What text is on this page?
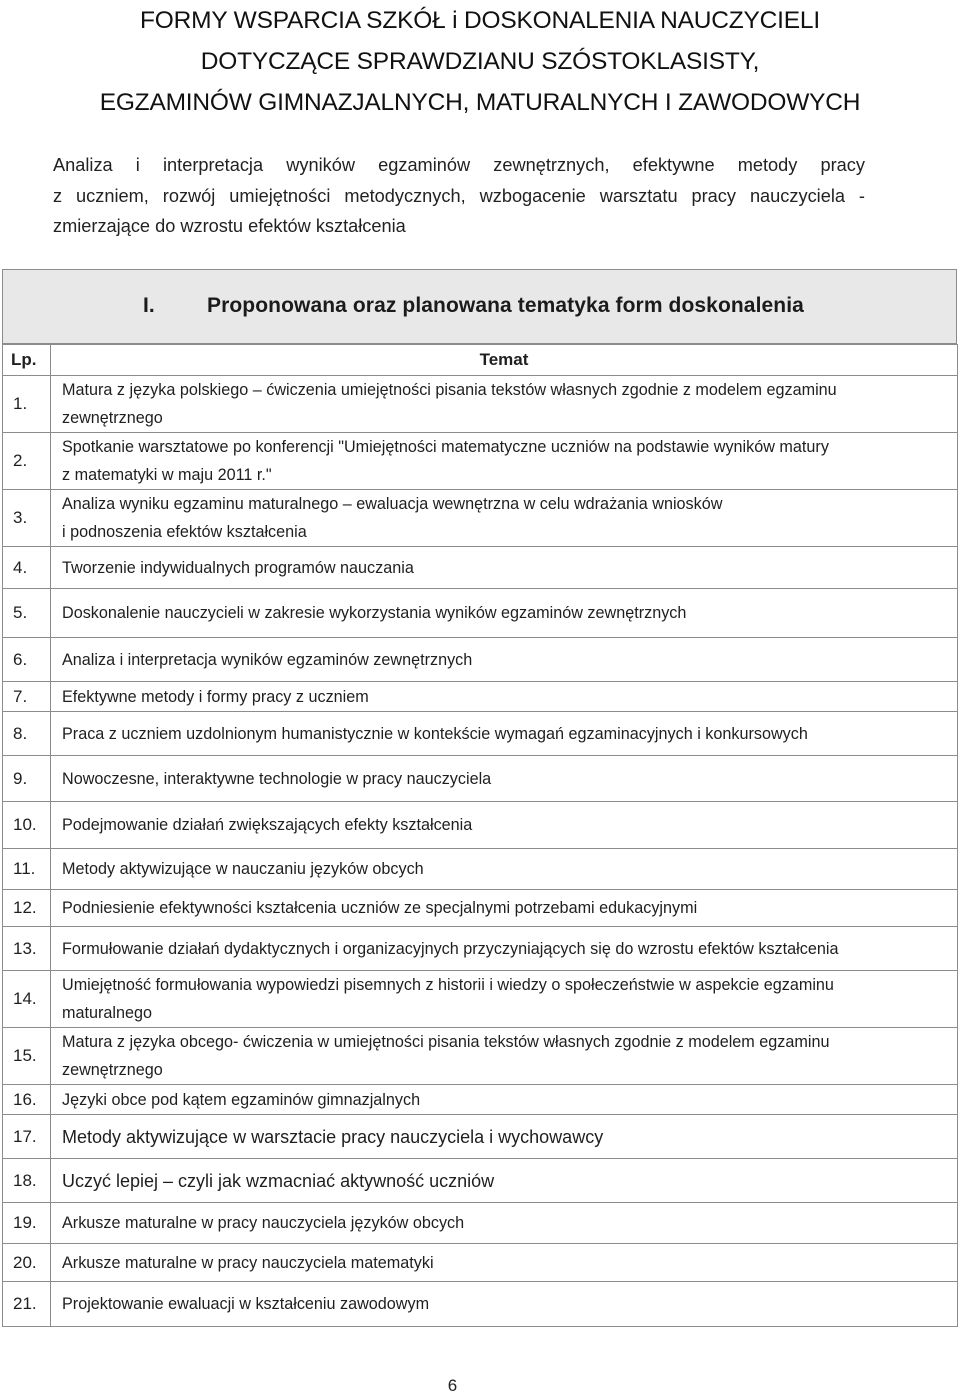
FORMY WSPARCIA SZKÓŁ i DOSKONALENIA NAUCZYCIELI
DOTYCZĄCE SPRAWDZIANU SZÓSTOKLASISTY,
EGZAMINÓW GIMNAZJALNYCH, MATURALNYCH I ZAWODOWYCH
Analiza i interpretacja wyników egzaminów zewnętrznych, efektywne metody pracy
z uczniem, rozwój umiejętności metodycznych, wzbogacenie warsztatu pracy nauczyciela -
zmierzające do wzrostu efektów kształcenia
I. Proponowana oraz planowana tematyka form doskonalenia
Lp.	Temat
1.	Matura z języka polskiego – ćwiczenia umiejętności pisania tekstów własnych zgodnie z modelem egzaminu
zewnętrznego

2.	Spotkanie warsztatowe po konferencji "Umiejętności matematyczne uczniów na podstawie wyników matury
z matematyki w maju 2011 r."

3.	Analiza wyniku egzaminu maturalnego – ewaluacja wewnętrzna w celu wdrażania wniosków
i podnoszenia efektów kształcenia

4.	Tworzenie indywidualnych programów nauczania

5.	Doskonalenie nauczycieli w zakresie wykorzystania wyników egzaminów zewnętrznych

6.	Analiza i interpretacja wyników egzaminów zewnętrznych

7.	Efektywne metody i formy pracy z uczniem

8.	Praca z uczniem uzdolnionym humanistycznie w kontekście wymagań egzaminacyjnych i konkursowych

9.	Nowoczesne, interaktywne technologie w pracy nauczyciela

10.	Podejmowanie działań zwiększających efekty kształcenia

11.	Metody aktywizujące w nauczaniu języków obcych

12.	Podniesienie efektywności kształcenia uczniów ze specjalnymi potrzebami edukacyjnymi

13.	Formułowanie działań dydaktycznych i organizacyjnych przyczyniających się do wzrostu efektów kształcenia

14.	Umiejętność formułowania wypowiedzi pisemnych z historii i wiedzy o społeczeństwie w aspekcie egzaminu
maturalnego

15.	Matura z języka obcego- ćwiczenia w umiejętności pisania tekstów własnych zgodnie z modelem egzaminu
zewnętrznego

16.	Języki obce pod kątem egzaminów gimnazjalnych

17.	Metody aktywizujące w warsztacie pracy nauczyciela i wychowawcy

18.	Uczyć lepiej – czyli jak wzmacniać aktywność uczniów

19.	Arkusze maturalne w pracy nauczyciela języków obcych

20.	Arkusze maturalne w pracy nauczyciela matematyki

21.	Projektowanie ewaluacji w kształceniu zawodowym
6
